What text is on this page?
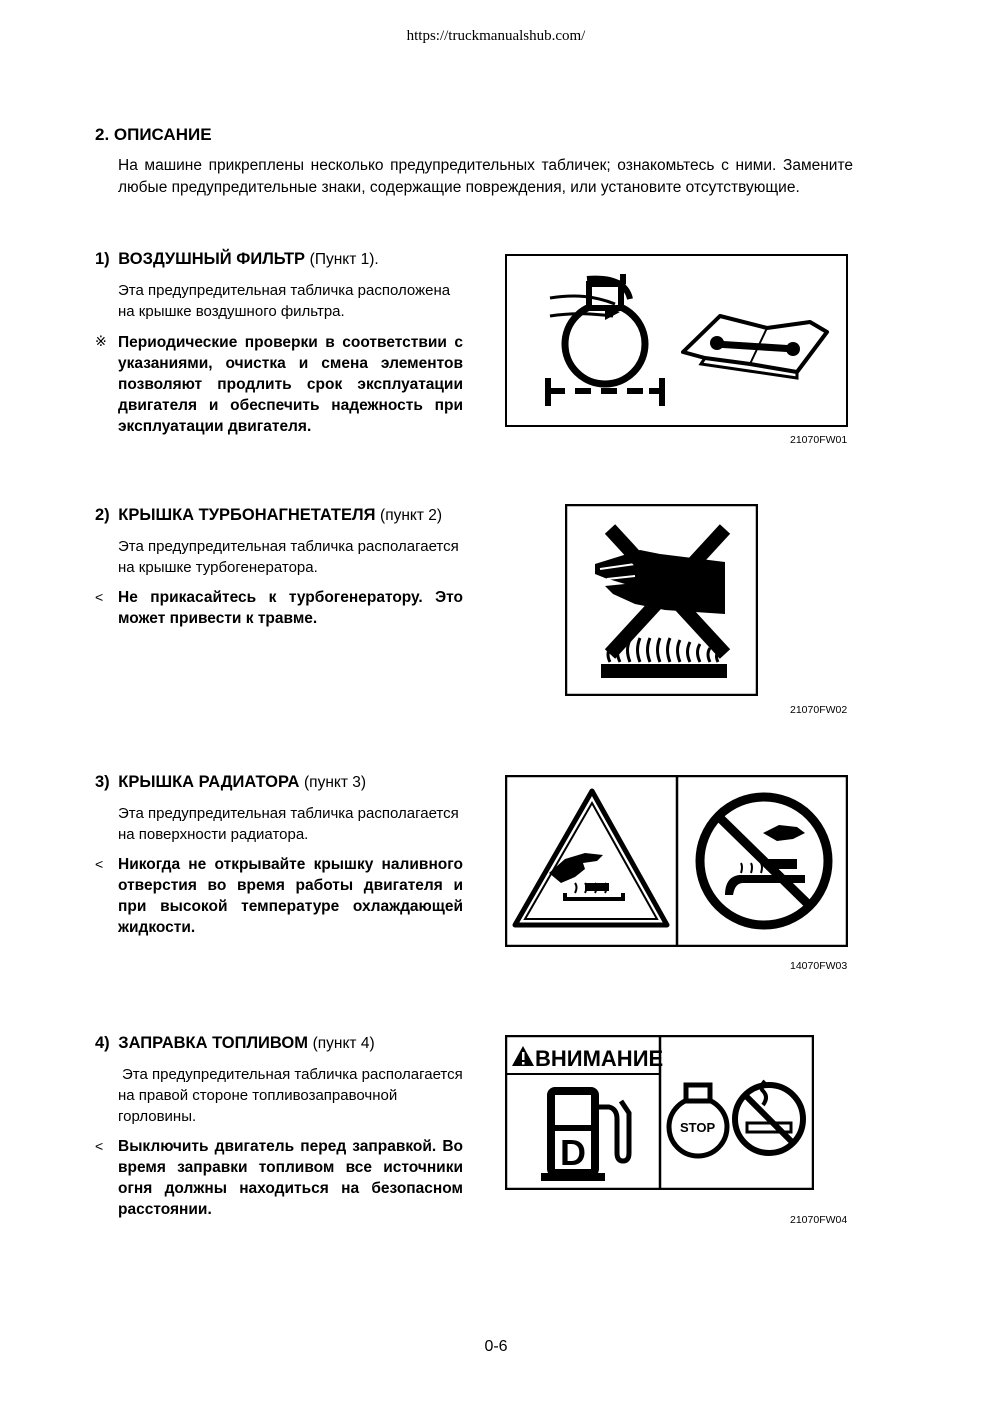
https://truckmanualshub.com/
2. ОПИСАНИЕ
На машине прикреплены несколько предупредительных табличек; ознакомьтесь с ними. Замените любые предупредительные знаки, содержащие повреждения, или установите отсутствующие.
1) ВОЗДУШНЫЙ ФИЛЬТР (Пункт 1).
Эта предупредительная табличка расположена на крышке воздушного фильтра.
※ Периодические проверки в соответствии с указаниями, очистка и смена элементов позволяют продлить срок эксплуатации двигателя и обеспечить надежность при эксплуатации двигателя.
21070FW01
2) КРЫШКА ТУРБОНАГНЕТАТЕЛЯ (пункт 2)
Эта предупредительная табличка располагается на крышке турбогенератора.
< Не прикасайтесь к турбогенератору. Это может привести к травме.
21070FW02
3) КРЫШКА РАДИАТОРА (пункт 3)
Эта предупредительная табличка располагается на поверхности радиатора.
< Никогда не открывайте крышку наливного отверстия во время работы двигателя и при высокой температуре охлаждающей жидкости.
14070FW03
4) ЗАПРАВКА ТОПЛИВОМ (пункт 4)
Эта предупредительная табличка располагается на правой стороне топливозаправочной горловины.
< Выключить двигатель перед заправкой. Во время заправки топливом все источники огня должны находиться на безопасном расстоянии.
ВНИМАНИЕ
D
STOP
21070FW04
0-6
